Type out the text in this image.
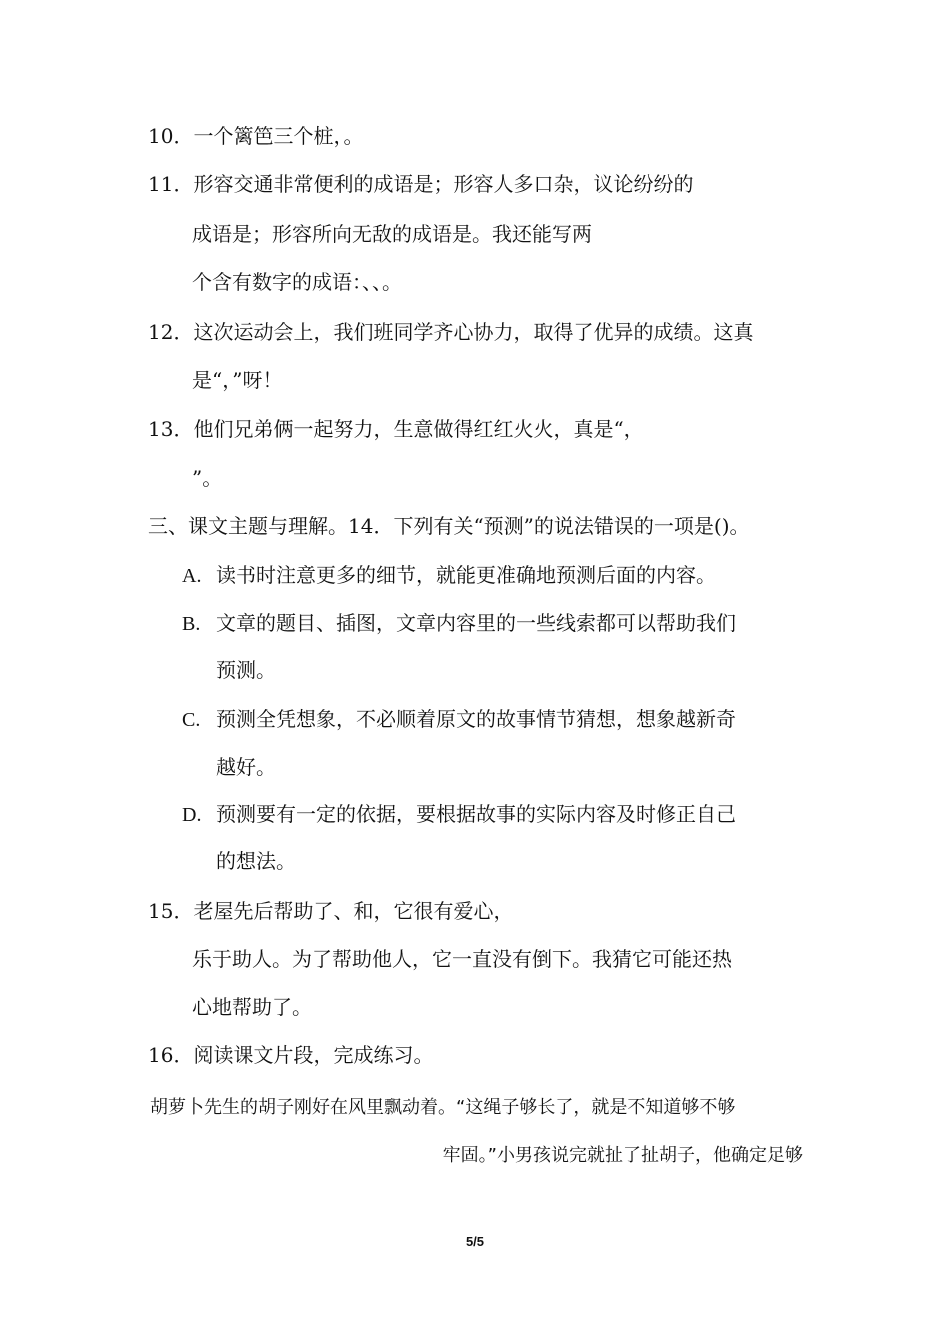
10．一个篱笆三个桩，。
11．形容交通非常便利的成语是；形容人多口杂，议论纷纷的
成语是；形容所向无敌的成语是。我还能写两
个含有数字的成语：、、。
12．这次运动会上，我们班同学齐心协力，取得了优异的成绩。这真
是“，”呀！
13．他们兄弟俩一起努力，生意做得红红火火，真是“，
”。
三、课文主题与理解。14．下列有关“预测”的说法错误的一项是()。
A. 读书时注意更多的细节，就能更准确地预测后面的内容。
B. 文章的题目、插图，文章内容里的一些线索都可以帮助我们
预测。
C. 预测全凭想象，不必顺着原文的故事情节猜想，想象越新奇
越好。
D. 预测要有一定的依据，要根据故事的实际内容及时修正自己
的想法。
15．老屋先后帮助了、和，它很有爱心，
乐于助人。为了帮助他人，它一直没有倒下。我猜它可能还热
心地帮助了。
16．阅读课文片段，完成练习。
胡萝卜先生的胡子刚好在风里飘动着。“这绳子够长了，就是不知道够不够
牢固。”小男孩说完就扯了扯胡子，他确定足够
5/5
